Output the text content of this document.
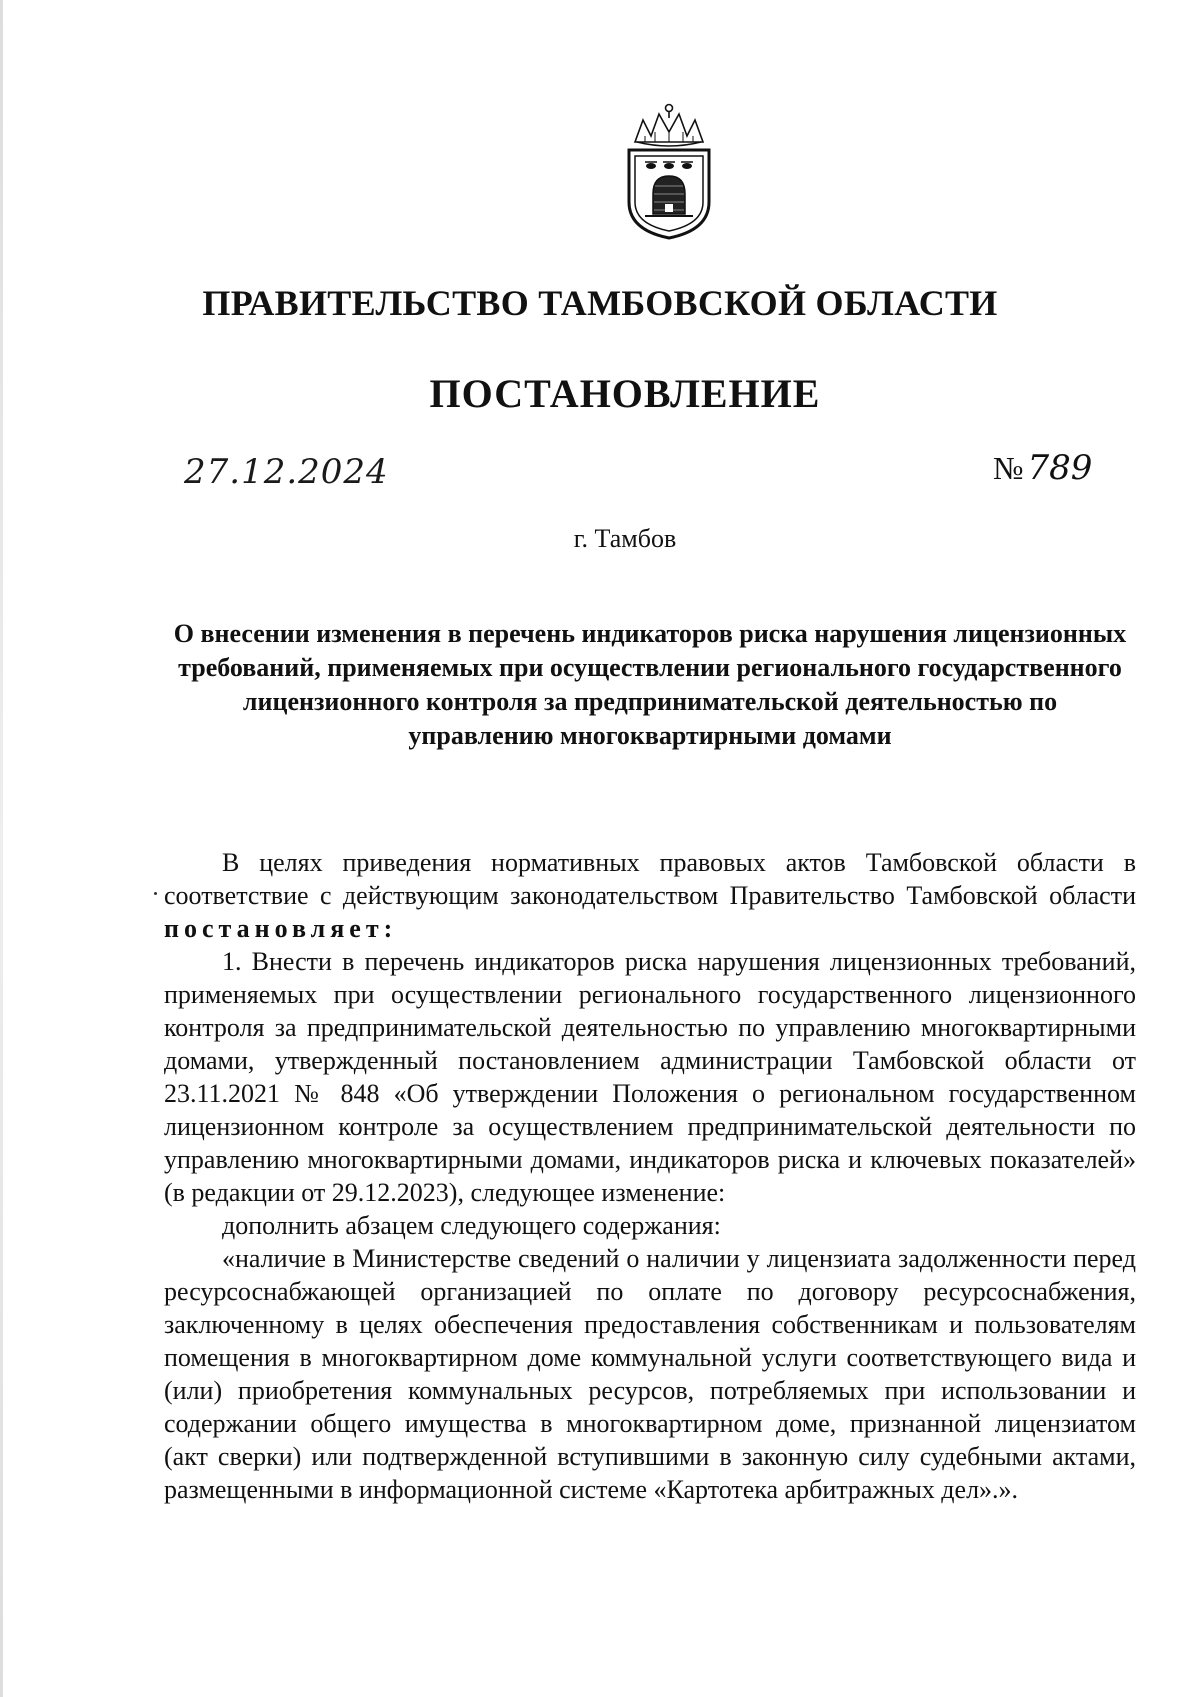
ПРАВИТЕЛЬСТВО ТАМБОВСКОЙ ОБЛАСТИ
ПОСТАНОВЛЕНИЕ
27.12.2024	№ 789
г. Тамбов
О внесении изменения в перечень индикаторов риска нарушения лицензионных требований, применяемых при осуществлении регионального государственного лицензионного контроля за предпринимательской деятельностью по управлению многоквартирными домами

В целях приведения нормативных правовых актов Тамбовской области в соответствие с действующим законодательством Правительство Тамбовской области постановляет:

1. Внести в перечень индикаторов риска нарушения лицензионных требований, применяемых при осуществлении регионального государственного лицензионного контроля за предпринимательской деятельностью по управлению многоквартирными домами, утвержденный постановлением администрации Тамбовской области от 23.11.2021 № 848 «Об утверждении Положения о региональном государственном лицензионном контроле за осуществлением предпринимательской деятельности по управлению многоквартирными домами, индикаторов риска и ключевых показателей» (в редакции от 29.12.2023), следующее изменение:

дополнить абзацем следующего содержания:

«наличие в Министерстве сведений о наличии у лицензиата задолженности перед ресурсоснабжающей организацией по оплате по договору ресурсоснабжения, заключенному в целях обеспечения предоставления собственникам и пользователям помещения в многоквартирном доме коммунальной услуги соответствующего вида и (или) приобретения коммунальных ресурсов, потребляемых при использовании и содержании общего имущества в многоквартирном доме, признанной лицензиатом (акт сверки) или подтвержденной вступившими в законную силу судебными актами, размещенными в информационной системе «Картотека арбитражных дел».».
